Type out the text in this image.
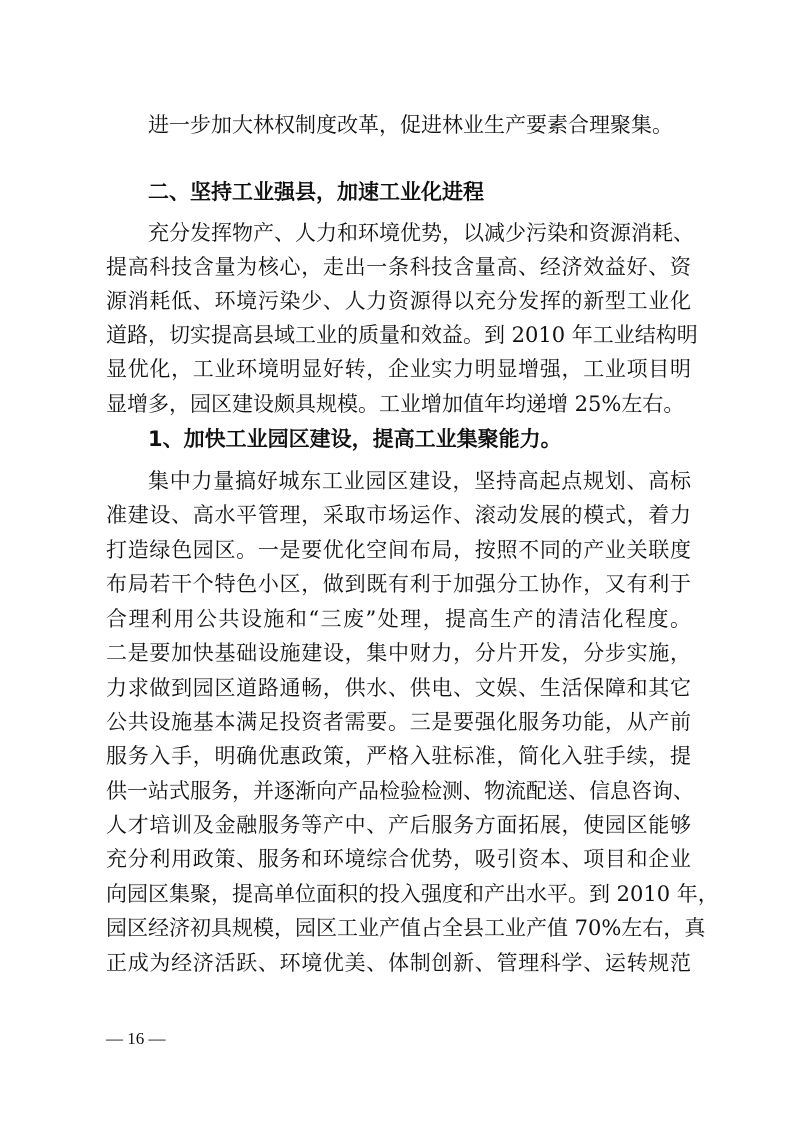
进一步加大林权制度改革，促进林业生产要素合理聚集。
二、坚持工业强县，加速工业化进程
充分发挥物产、人力和环境优势，以减少污染和资源消耗、
提高科技含量为核心，走出一条科技含量高、经济效益好、资
源消耗低、环境污染少、人力资源得以充分发挥的新型工业化
道路，切实提高县域工业的质量和效益。到 2010 年工业结构明
显优化，工业环境明显好转，企业实力明显增强，工业项目明
显增多，园区建设颇具规模。工业增加值年均递增 25%左右。
1、加快工业园区建设，提高工业集聚能力。
集中力量搞好城东工业园区建设，坚持高起点规划、高标
准建设、高水平管理，采取市场运作、滚动发展的模式，着力
打造绿色园区。一是要优化空间布局，按照不同的产业关联度
布局若干个特色小区，做到既有利于加强分工协作，又有利于
合理利用公共设施和“三废”处理，提高生产的清洁化程度。
二是要加快基础设施建设，集中财力，分片开发，分步实施，
力求做到园区道路通畅，供水、供电、文娱、生活保障和其它
公共设施基本满足投资者需要。三是要强化服务功能，从产前
服务入手，明确优惠政策，严格入驻标准，简化入驻手续，提
供一站式服务，并逐渐向产品检验检测、物流配送、信息咨询、
人才培训及金融服务等产中、产后服务方面拓展，使园区能够
充分利用政策、服务和环境综合优势，吸引资本、项目和企业
向园区集聚，提高单位面积的投入强度和产出水平。到 2010 年，
园区经济初具规模，园区工业产值占全县工业产值 70%左右，真
正成为经济活跃、环境优美、体制创新、管理科学、运转规范
— 16 —
